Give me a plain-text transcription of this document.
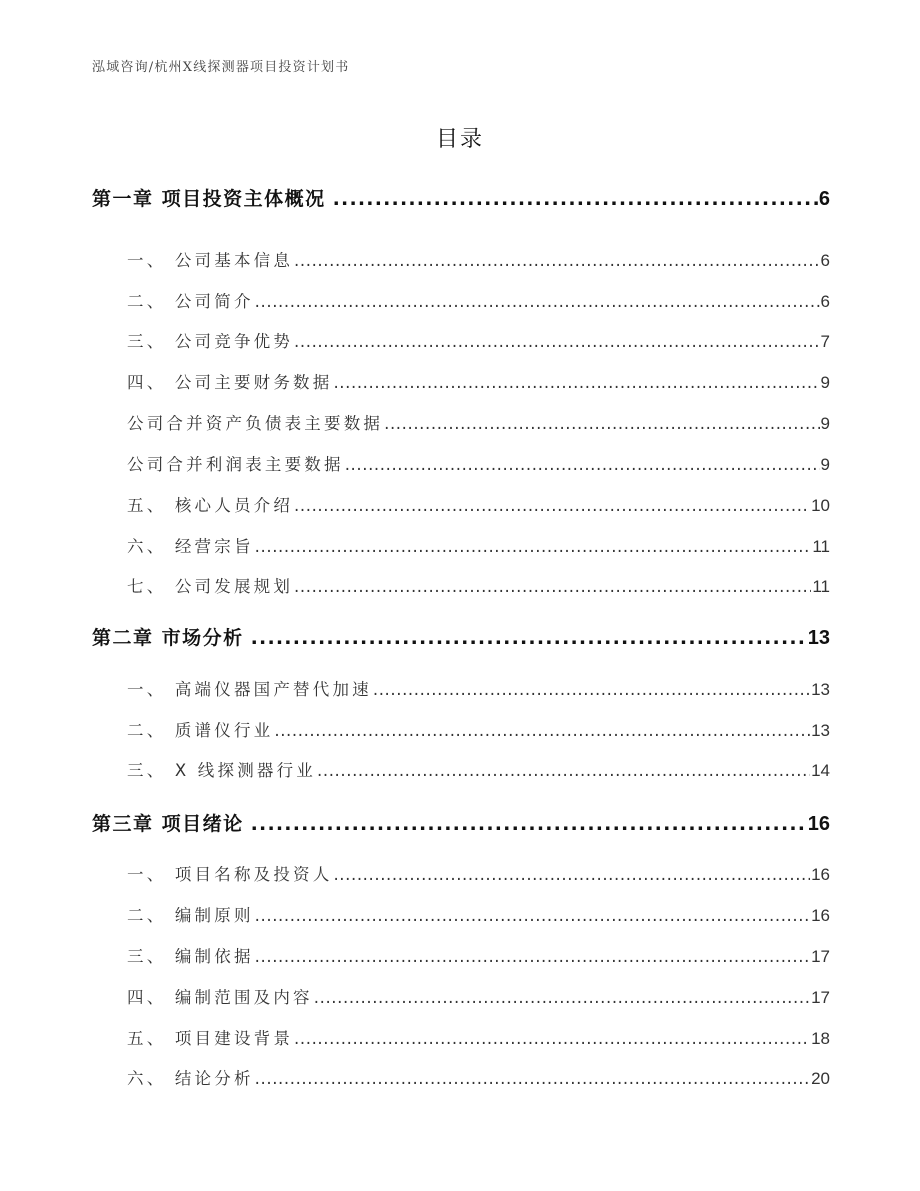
泓域咨询/杭州X线探测器项目投资计划书
目录
第一章 项目投资主体概况 .....	6
一、 公司基本信息 .....	6
二、 公司简介 .....	6
三、 公司竞争优势 .....	7
四、 公司主要财务数据 .....	9
公司合并资产负债表主要数据 .....	9
公司合并利润表主要数据 .....	9
五、 核心人员介绍 .....	10
六、 经营宗旨 .....	11
七、 公司发展规划 .....	11
第二章 市场分析 .....	13
一、 高端仪器国产替代加速 .....	13
二、 质谱仪行业 .....	13
三、 X 线探测器行业 .....	14
第三章 项目绪论 .....	16
一、 项目名称及投资人 .....	16
二、 编制原则 .....	16
三、 编制依据 .....	17
四、 编制范围及内容 .....	17
五、 项目建设背景 .....	18
六、 结论分析 .....	20
